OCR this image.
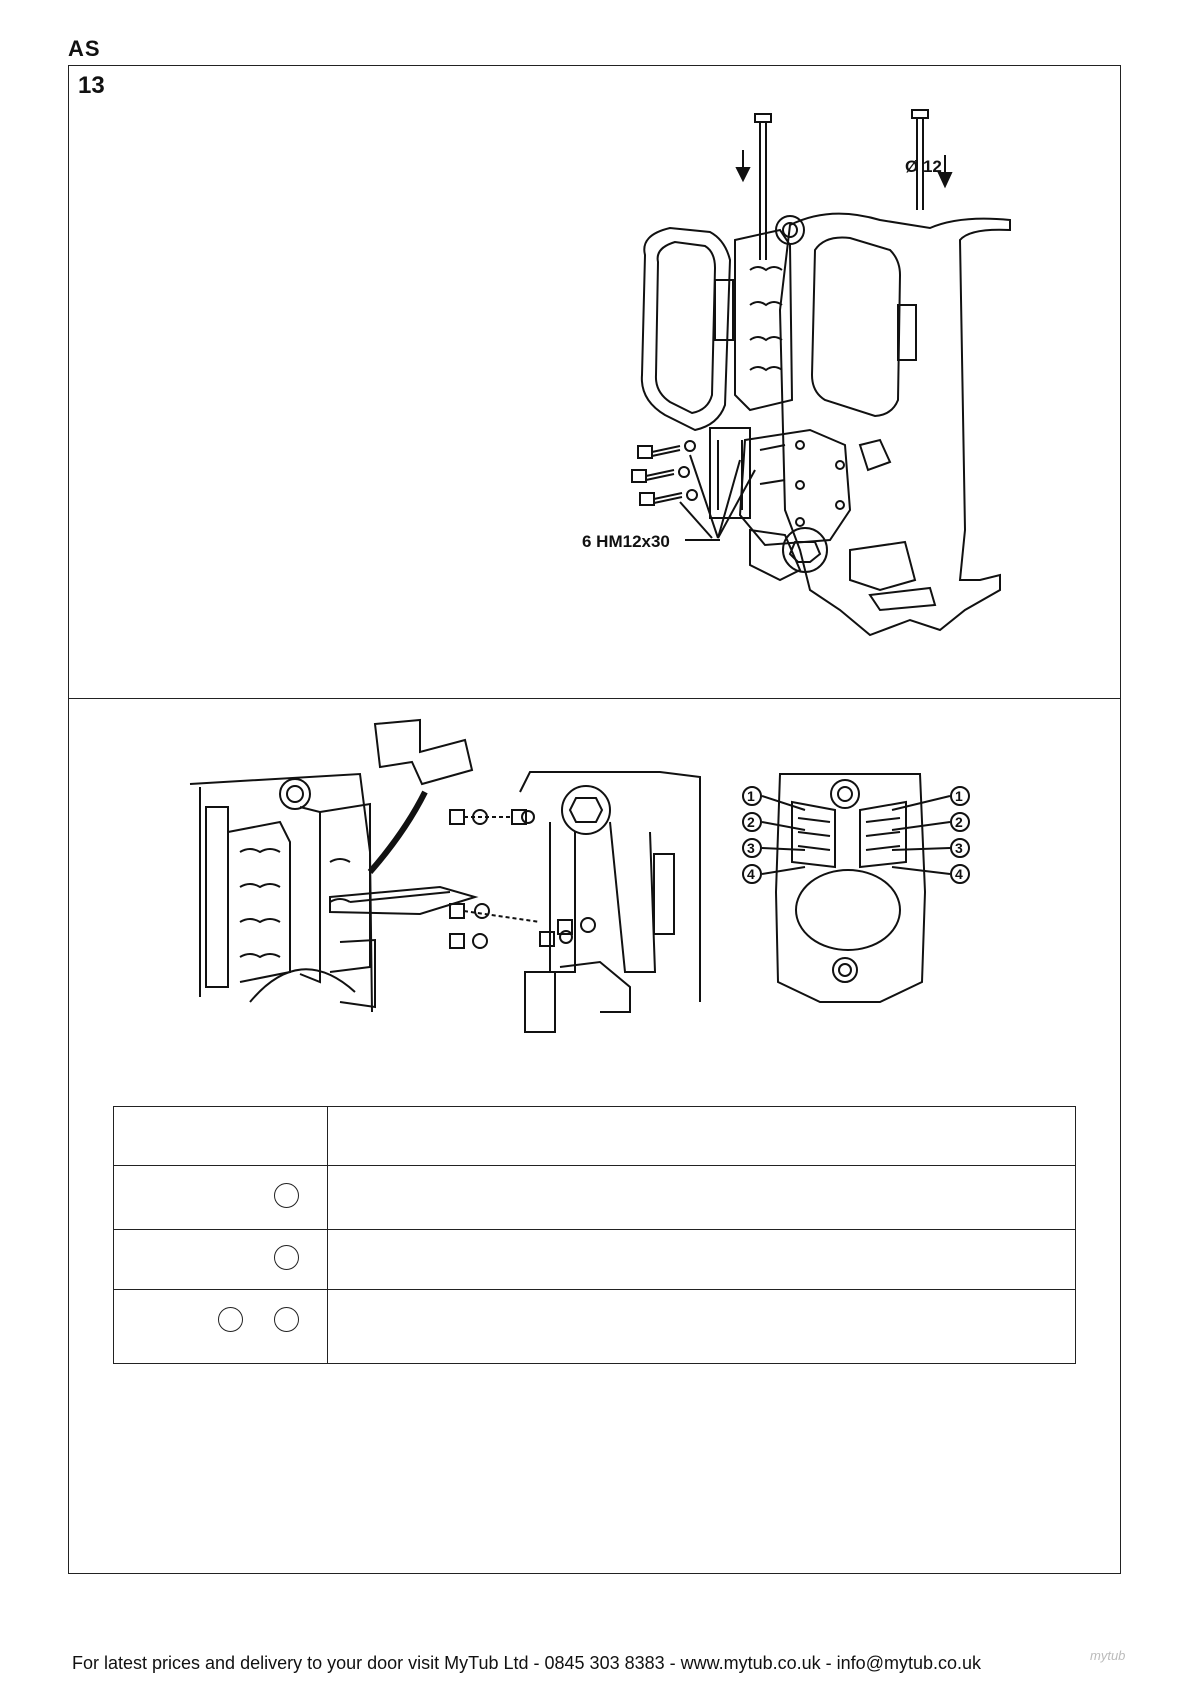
AS
13
Ø 12
6 HM12x30
1
2
3
4
1
2
3
4
For latest prices and delivery to your door visit MyTub Ltd - 0845 303 8383 - www.mytub.co.uk - info@mytub.co.uk	mytub
